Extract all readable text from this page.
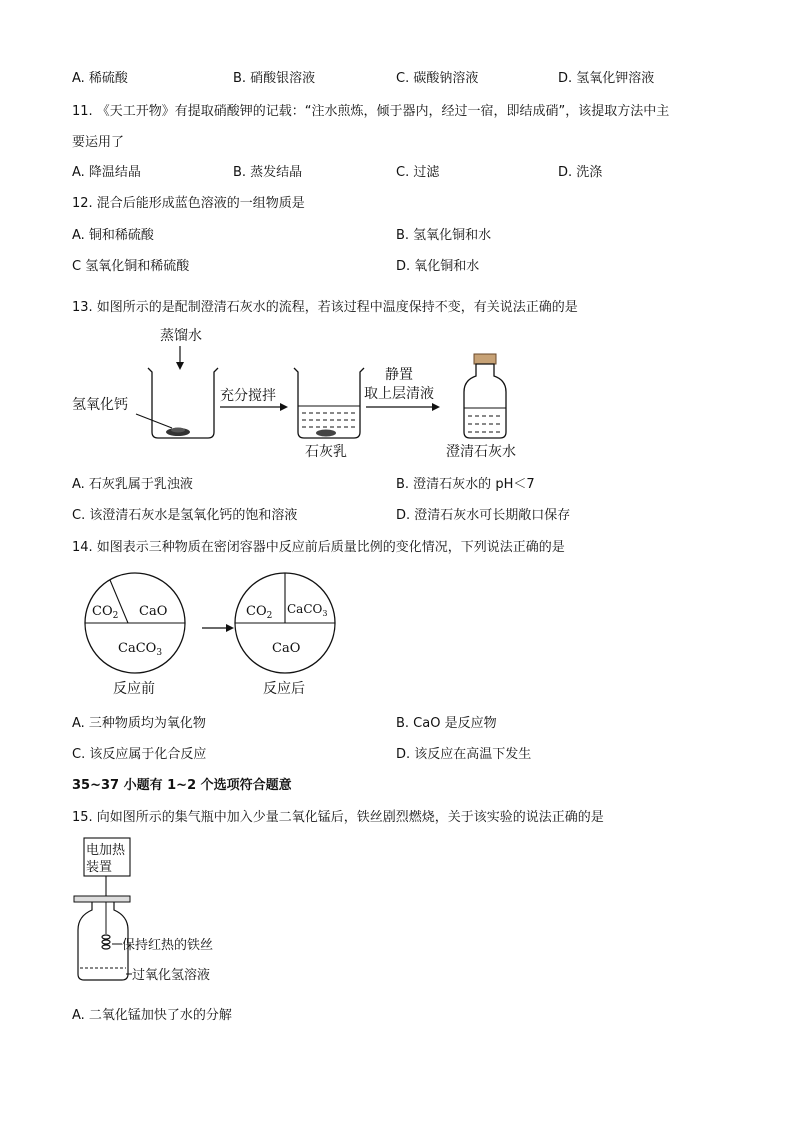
A. 稀硫酸	B. 硝酸银溶液	C. 碳酸钠溶液	D. 氢氧化钾溶液
11. 《天工开物》有提取硝酸钾的记载：“注水煎炼，倾于器内，经过一宿，即结成硝”，该提取方法中主
要运用了
A. 降温结晶	B. 蒸发结晶	C. 过滤	D. 洗涤
12. 混合后能形成蓝色溶液的一组物质是
A. 铜和稀硫酸	B. 氢氧化铜和水
C 氢氧化铜和稀硫酸	D. 氧化铜和水
13. 如图所示的是配制澄清石灰水的流程，若该过程中温度保持不变，有关说法正确的是
蒸馏水
氢氧化钙
充分搅拌
石灰乳
静置
取上层清液
澄清石灰水
A. 石灰乳属于乳浊液	B. 澄清石灰水的 pH＜7
C. 该澄清石灰水是氢氧化钙的饱和溶液	D. 澄清石灰水可长期敞口保存
14. 如图表示三种物质在密闭容器中反应前后质量比例的变化情况，下列说法正确的是
$CO_2$ CaO
CaCO$_3$
反应前
$CO_2$ CaCO$_3$
CaO
反应后
A. 三种物质均为氧化物	B. CaO 是反应物
C. 该反应属于化合反应	D. 该反应在高温下发生
35~37 小题有 1~2 个选项符合题意
15. 向如图所示的集气瓶中加入少量二氧化锰后，铁丝剧烈燃烧，关于该实验的说法正确的是
电加热
装置
保持红热的铁丝
过氧化氢溶液
A. 二氧化锰加快了水的分解
